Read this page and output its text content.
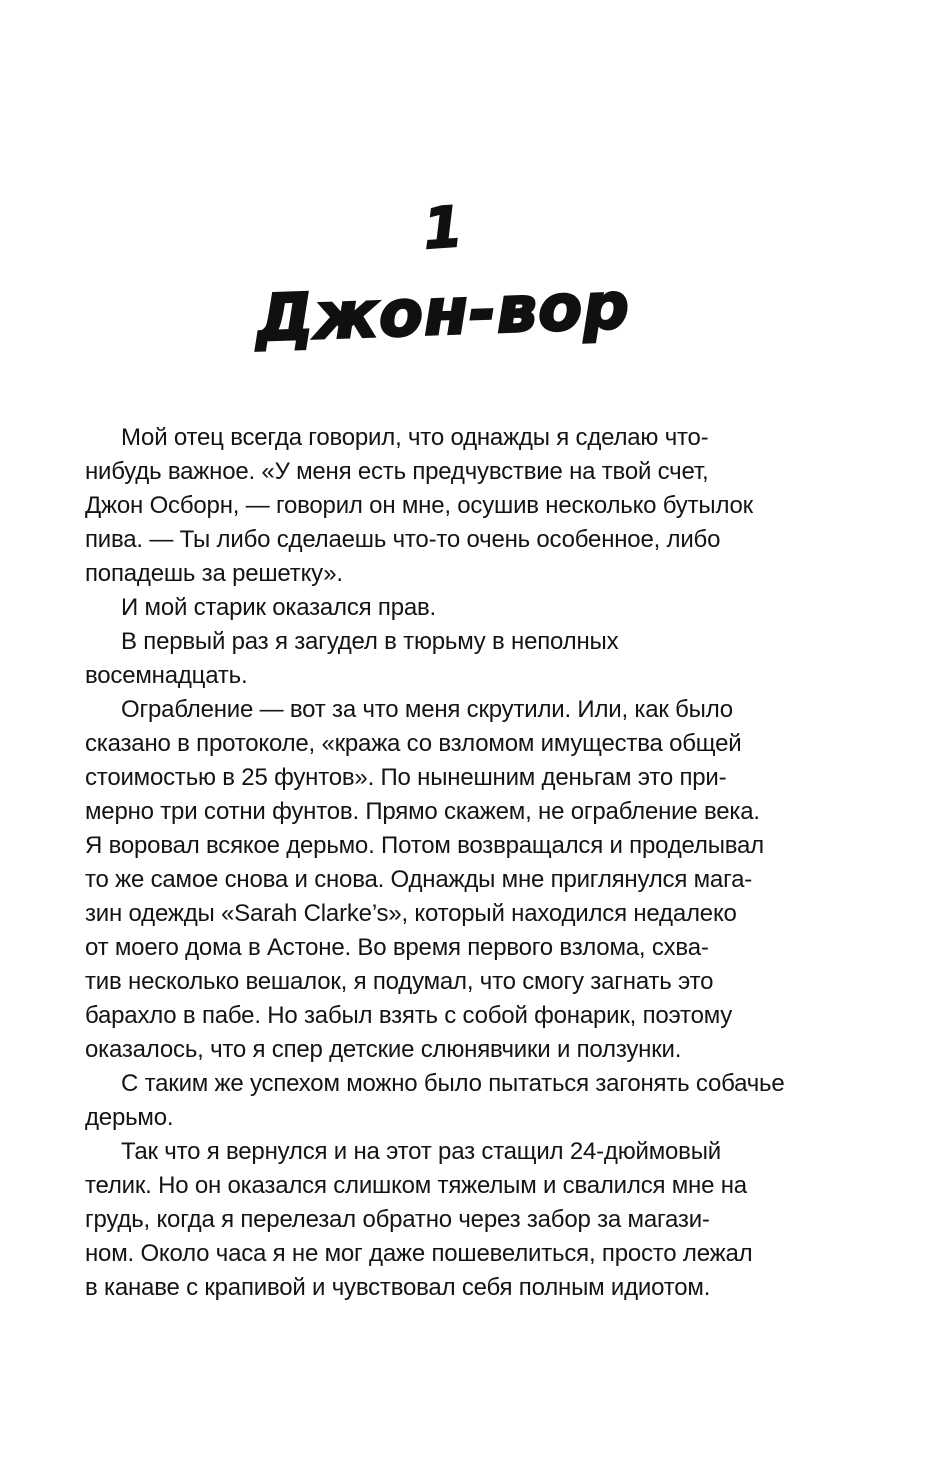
1
Джон-вор
Мой отец всегда говорил, что однажды я сделаю что-
нибудь важное. «У меня есть предчувствие на твой счет,
Джон Осборн, — говорил он мне, осушив несколько бутылок
пива. — Ты либо сделаешь что-то очень особенное, либо
попадешь за решетку».
И мой старик оказался прав.
В первый раз я загудел в тюрьму в неполных
восемнадцать.
Ограбление — вот за что меня скрутили. Или, как было
сказано в протоколе, «кража со взломом имущества общей
стоимостью в 25 фунтов». По нынешним деньгам это при-
мерно три сотни фунтов. Прямо скажем, не ограбление века.
Я воровал всякое дерьмо. Потом возвращался и проделывал
то же самое снова и снова. Однажды мне приглянулся мага-
зин одежды «Sarah Clarke’s», который находился недалеко
от моего дома в Астоне. Во время первого взлома, схва-
тив несколько вешалок, я подумал, что смогу загнать это
барахло в пабе. Но забыл взять с собой фонарик, поэтому
оказалось, что я спер детские слюнявчики и ползунки.
С таким же успехом можно было пытаться загонять собачье
дерьмо.
Так что я вернулся и на этот раз стащил 24-дюймовый
телик. Но он оказался слишком тяжелым и свалился мне на
грудь, когда я перелезал обратно через забор за магази-
ном. Около часа я не мог даже пошевелиться, просто лежал
в канаве с крапивой и чувствовал себя полным идиотом.
